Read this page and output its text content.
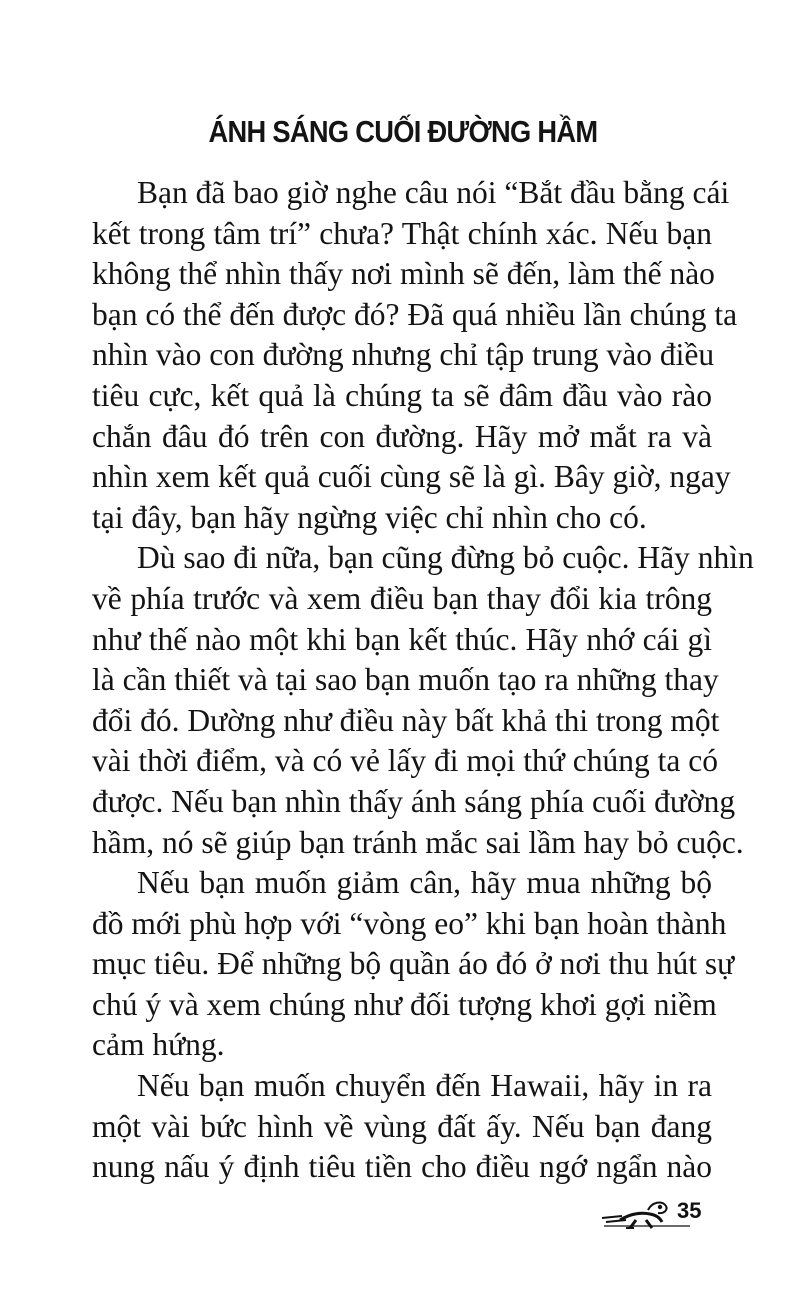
ÁNH SÁNG CUỐI ĐƯỜNG HẦM
Bạn đã bao giờ nghe câu nói “Bắt đầu bằng cái
kết trong tâm trí” chưa? Thật chính xác. Nếu bạn
không thể nhìn thấy nơi mình sẽ đến, làm thế nào
bạn có thể đến được đó? Đã quá nhiều lần chúng ta
nhìn vào con đường nhưng chỉ tập trung vào điều
tiêu cực, kết quả là chúng ta sẽ đâm đầu vào rào
chắn đâu đó trên con đường. Hãy mở mắt ra và
nhìn xem kết quả cuối cùng sẽ là gì. Bây giờ, ngay
tại đây, bạn hãy ngừng việc chỉ nhìn cho có.
Dù sao đi nữa, bạn cũng đừng bỏ cuộc. Hãy nhìn
về phía trước và xem điều bạn thay đổi kia trông
như thế nào một khi bạn kết thúc. Hãy nhớ cái gì
là cần thiết và tại sao bạn muốn tạo ra những thay
đổi đó. Dường như điều này bất khả thi trong một
vài thời điểm, và có vẻ lấy đi mọi thứ chúng ta có
được. Nếu bạn nhìn thấy ánh sáng phía cuối đường
hầm, nó sẽ giúp bạn tránh mắc sai lầm hay bỏ cuộc.
Nếu bạn muốn giảm cân, hãy mua những bộ
đồ mới phù hợp với “vòng eo” khi bạn hoàn thành
mục tiêu. Để những bộ quần áo đó ở nơi thu hút sự
chú ý và xem chúng như đối tượng khơi gợi niềm
cảm hứng.
Nếu bạn muốn chuyển đến Hawaii, hãy in ra
một vài bức hình về vùng đất ấy. Nếu bạn đang
nung nấu ý định tiêu tiền cho điều ngớ ngẩn nào
35
